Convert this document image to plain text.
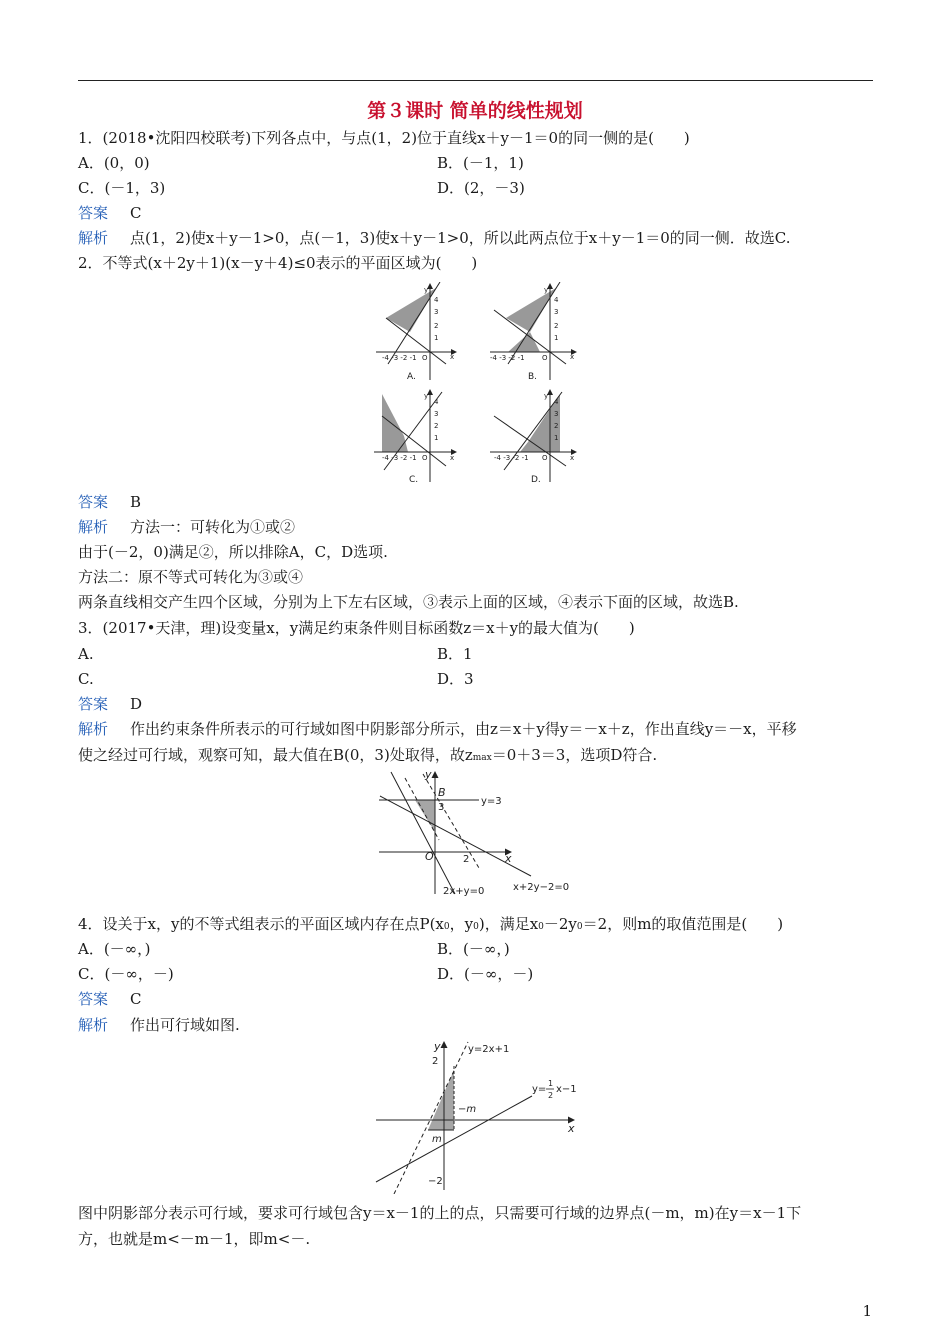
第３课时 简单的线性规划
1．(2018•沈阳四校联考)下列各点中，与点(1，2)位于直线x＋y－1＝0的同一侧的是(　　)
A．(0，0)	B．(－1，1)
C．(－1，3)	D．(2，－3)
答案 C
解析 点(1，2)使x＋y－1>0，点(－1，3)使x＋y－1>0，所以此两点位于x＋y－1＝0的同一侧．故选C.
2．不等式(x＋2y＋1)(x－y＋4)≤0表示的平面区域为(　　)
4
3
2
1
-4 -3 -2 -1 O	x
y
A.
4
3
2
1
-4 -3 -2 -1 O	x
y
B.
4
3
2
1
-4 -3 -2 -1 O	x
y
C.
4
3
2
1
-4 -3 -2 -1 O	x
y
D.
答案 B
解析 方法一：可转化为①或②
由于(－2，0)满足②，所以排除A，C，D选项.
方法二：原不等式可转化为③或④
两条直线相交产生四个区域，分别为上下左右区域，③表示上面的区域，④表示下面的区域，故选B.
3．(2017•天津，理)设变量x，y满足约束条件则目标函数z＝x＋y的最大值为(　　)
A.	B．1
C.	D．3
答案 D
解析 作出约束条件所表示的可行域如图中阴影部分所示，由z＝x＋y得y＝－x＋z，作出直线y＝－x，平移
使之经过可行域，观察可知，最大值在B(0，3)处取得，故zmax＝0＋3＝3，选项D符合.
y
x
B
3
O	2
y=3
2x+y=0	x+2y−2=0
4．设关于x，y的不等式组表示的平面区域内存在点P(x0，y0)，满足x0－2y0＝2，则m的取值范围是(　　)
A．(－∞，)	B．(－∞，)
C．(－∞，－)	D．(－∞，－)
答案 C
解析 作出可行域如图.
y
x
2
−2
−m
m
y=2x+1
y=
1
2
x−1
图中阴影部分表示可行域，要求可行域包含y＝x－1的上的点，只需要可行域的边界点(－m，m)在y＝x－1下
方，也就是m<－m－1，即m<－.
1
